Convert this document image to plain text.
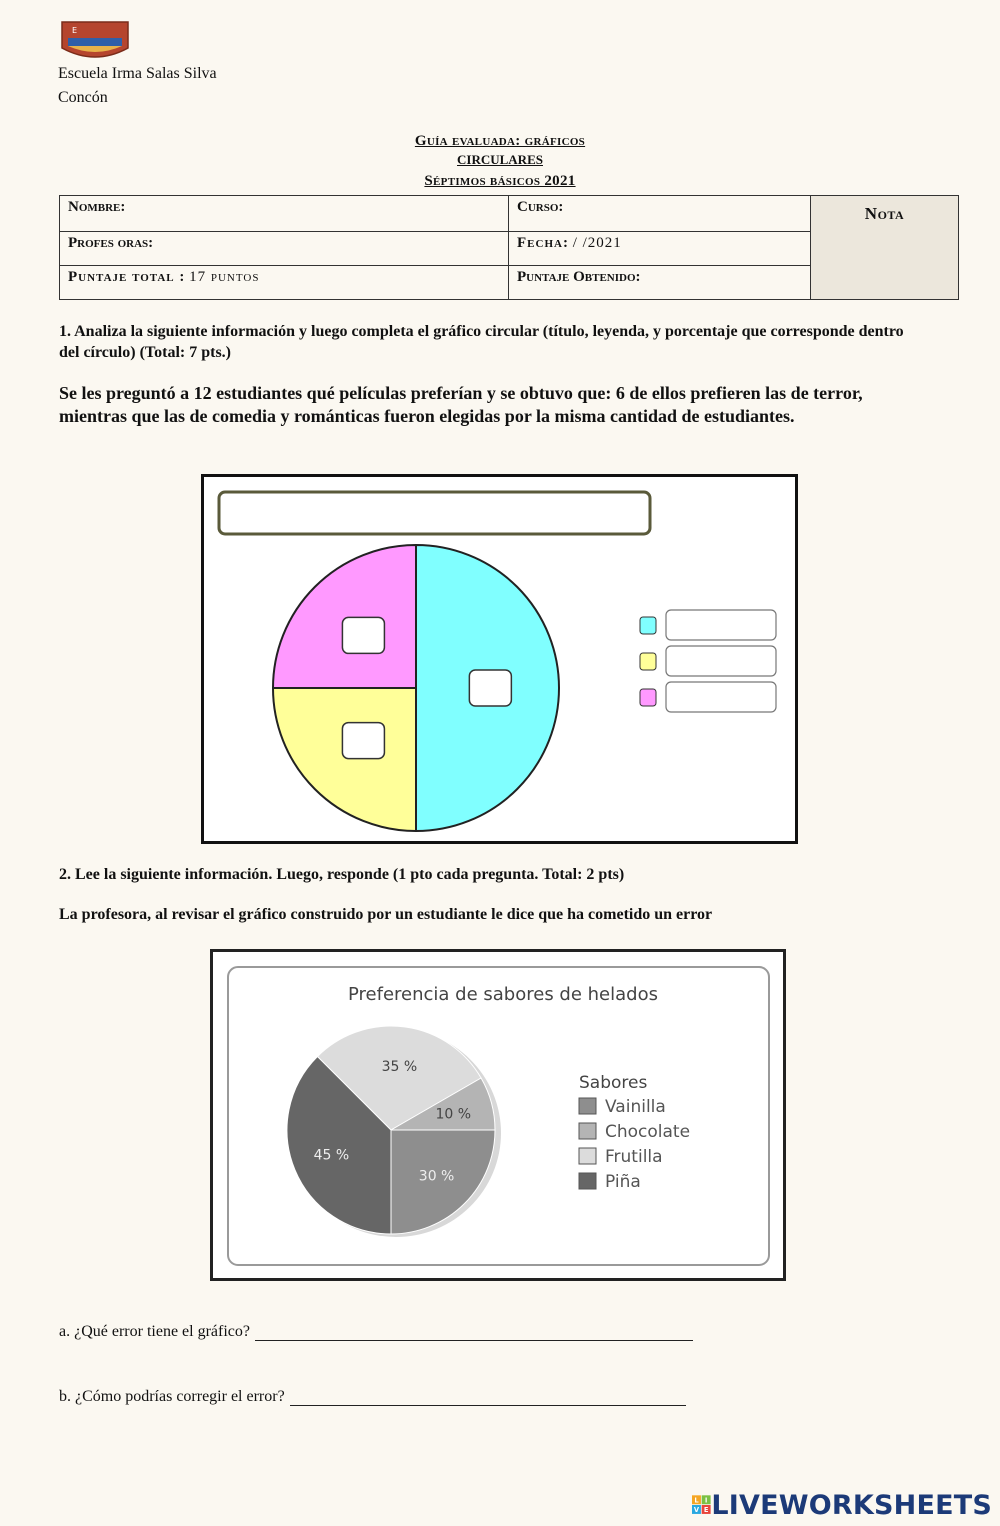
E
Escuela Irma Salas Silva
Concón
Guía evaluada: gráficos
CIRCULARES
Séptimos básicos 2021
Nombre:	Curso:	Nota
Profes oras:	Fecha: / /2021
Puntaje total : 17 puntos	Puntaje Obtenido:
1. Analiza la siguiente información y luego completa el gráfico circular (título, leyenda, y porcentaje que corresponde dentro del círculo) (Total: 7 pts.)
Se les preguntó a 12 estudiantes qué películas preferían y se obtuvo que: 6 de ellos prefieren las de terror, mientras que las de comedia y románticas fueron elegidas por la misma cantidad de estudiantes.
2. Lee la siguiente información. Luego, responde (1 pto cada pregunta. Total: 2 pts)
La profesora, al revisar el gráfico construido por un estudiante le dice que ha cometido un error
Preferencia de sabores de helados
35 %
10 %
30 %
45 %
Sabores
Vainilla
Chocolate
Frutilla
Piña
a. ¿Qué error tiene el gráfico?
b. ¿Cómo podrías corregir el error?
L I
V E LIVEWORKSHEETS
